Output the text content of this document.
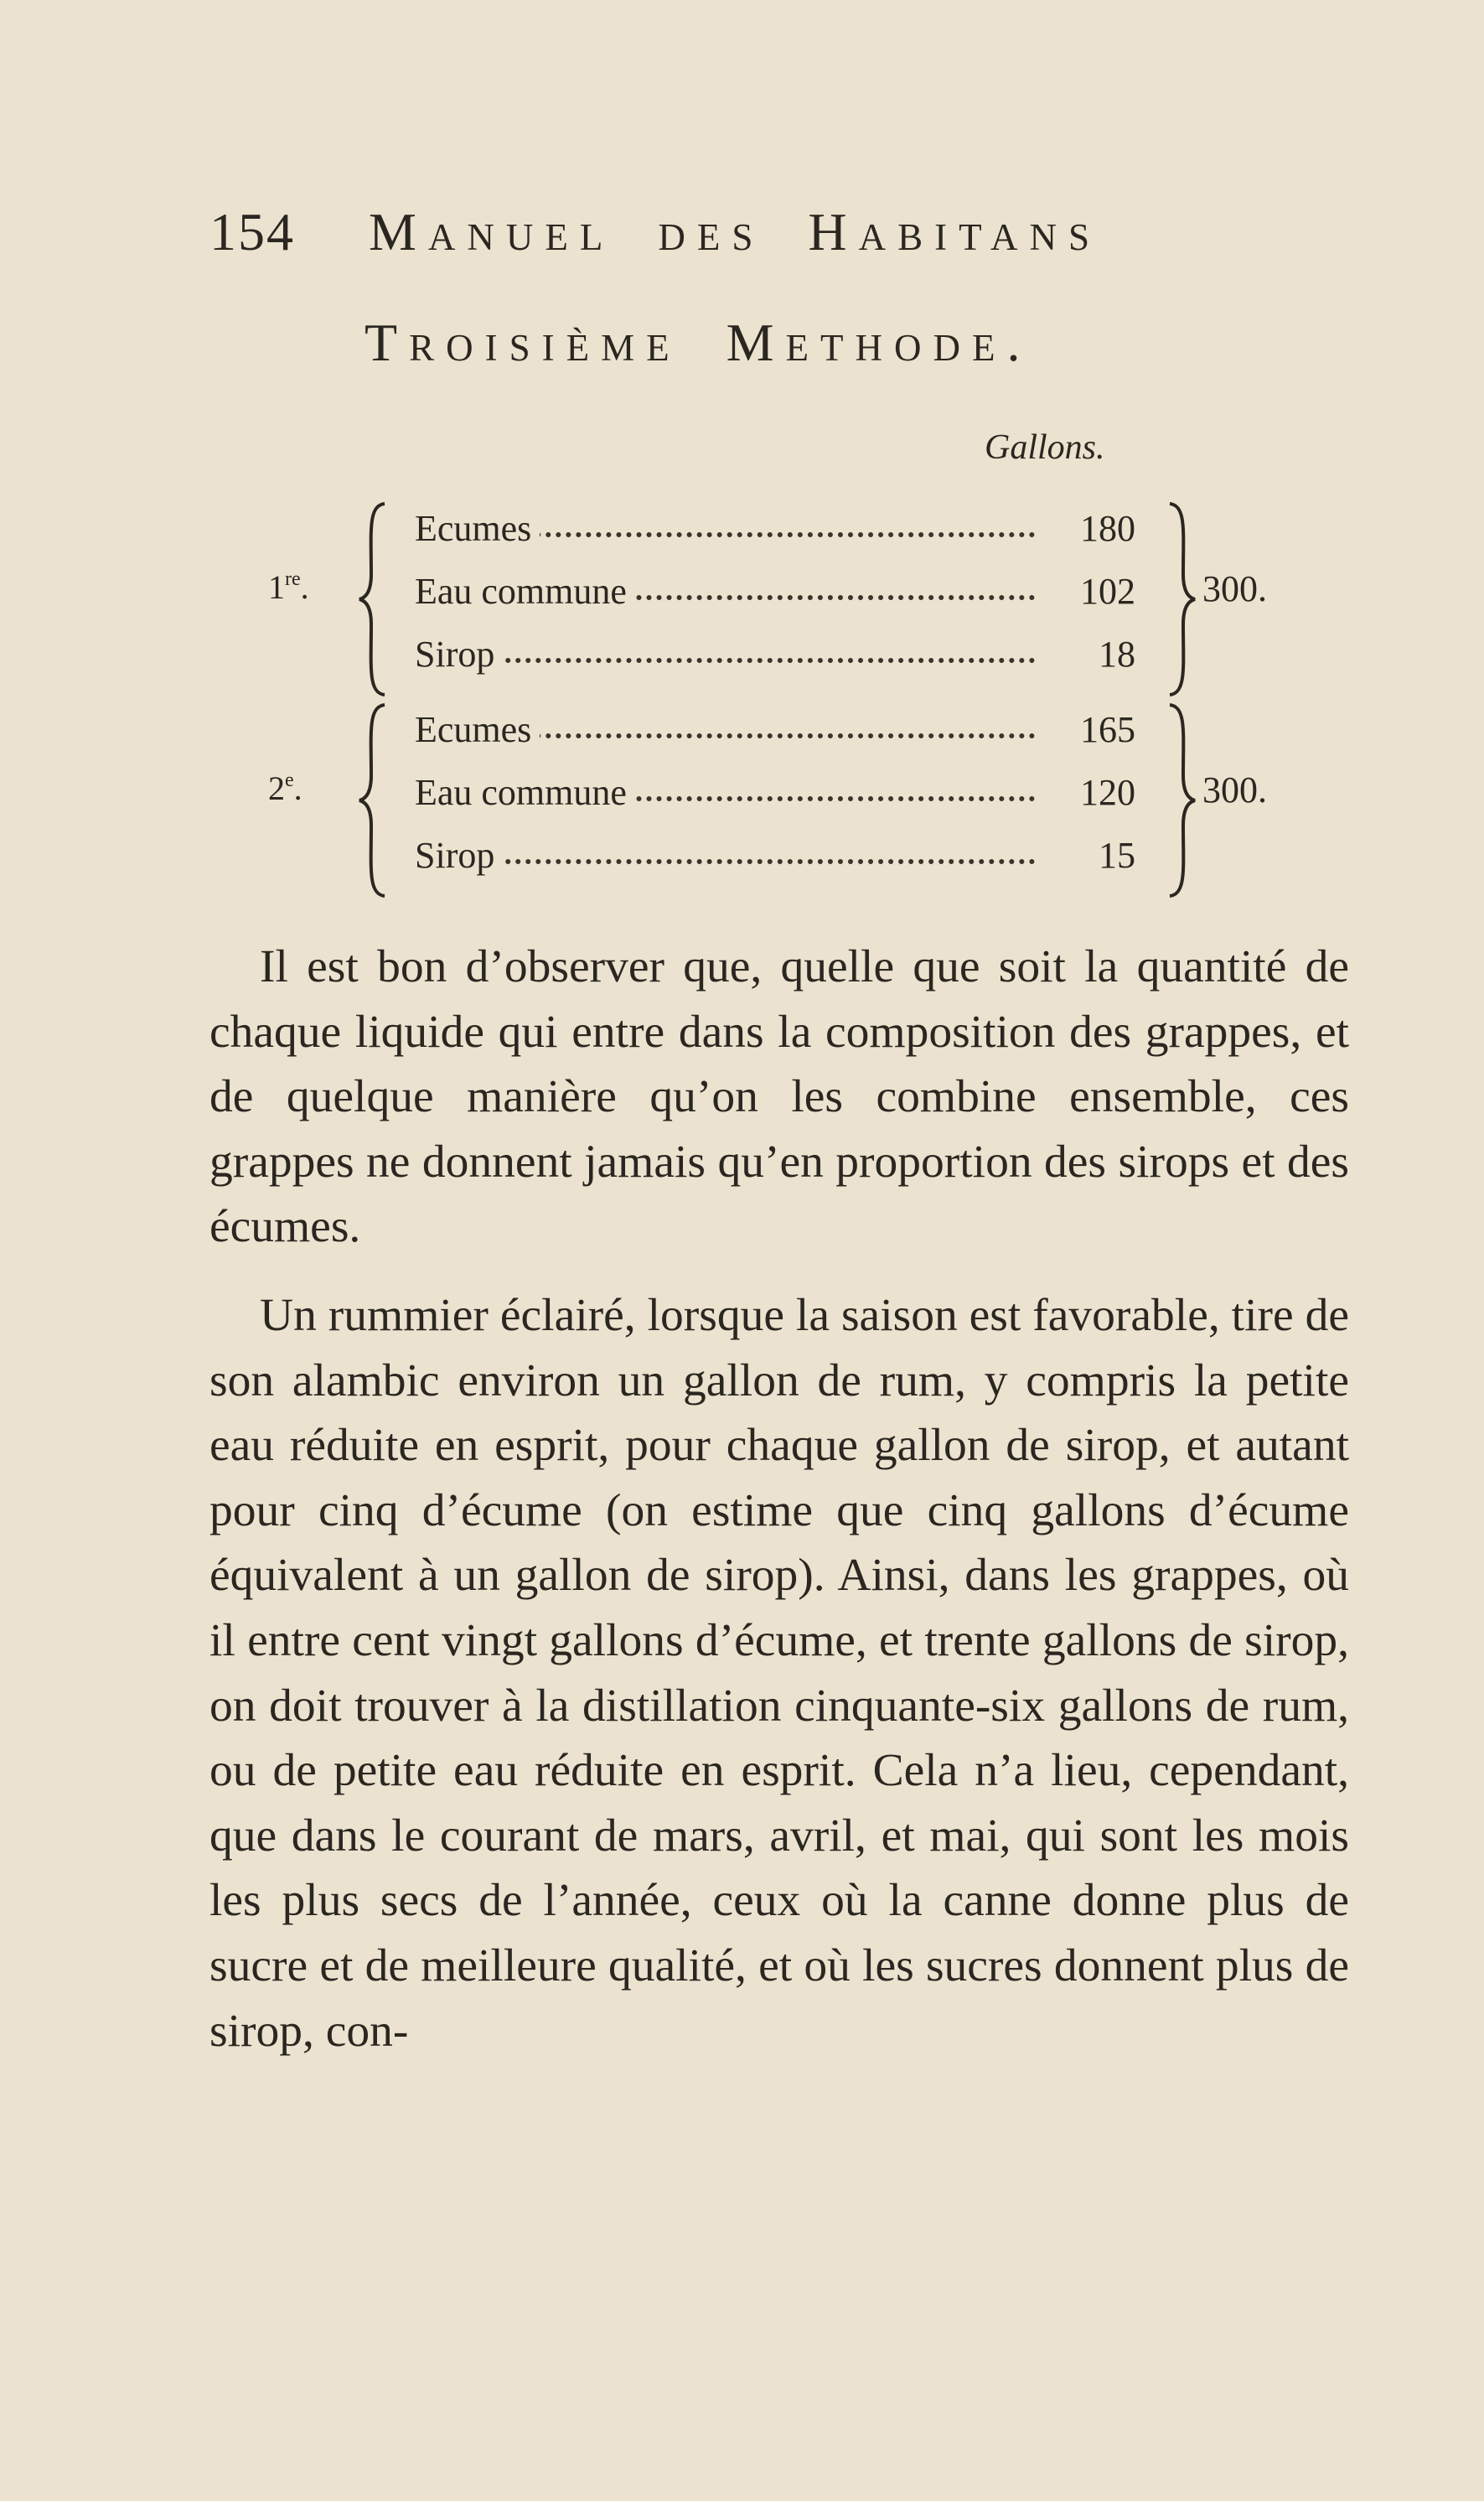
154 Manuel des Habitans
Troisième Methode.
Gallons.
1re.
Ecumes	180
Eau commune	102
Sirop	18
300.
2e.
Ecumes	165
Eau commune	120
Sirop	15
300.

Il est bon d’observer que, quelle que soit la quantité de chaque liquide qui entre dans la composition des grappes, et de quelque manière qu’on les combine ensemble, ces grappes ne donnent jamais qu’en proportion des sirops et des écumes.

Un rummier éclairé, lorsque la saison est favorable, tire de son alambic environ un gallon de rum, y compris la petite eau réduite en esprit, pour chaque gallon de sirop, et autant pour cinq d’écume (on estime que cinq gallons d’écume équivalent à un gallon de sirop). Ainsi, dans les grappes, où il entre cent vingt gallons d’écume, et trente gallons de sirop, on doit trouver à la distillation cinquante-six gallons de rum, ou de petite eau réduite en esprit. Cela n’a lieu, cependant, que dans le courant de mars, avril, et mai, qui sont les mois les plus secs de l’année, ceux où la canne donne plus de sucre et de meilleure qualité, et où les sucres donnent plus de sirop, con-
